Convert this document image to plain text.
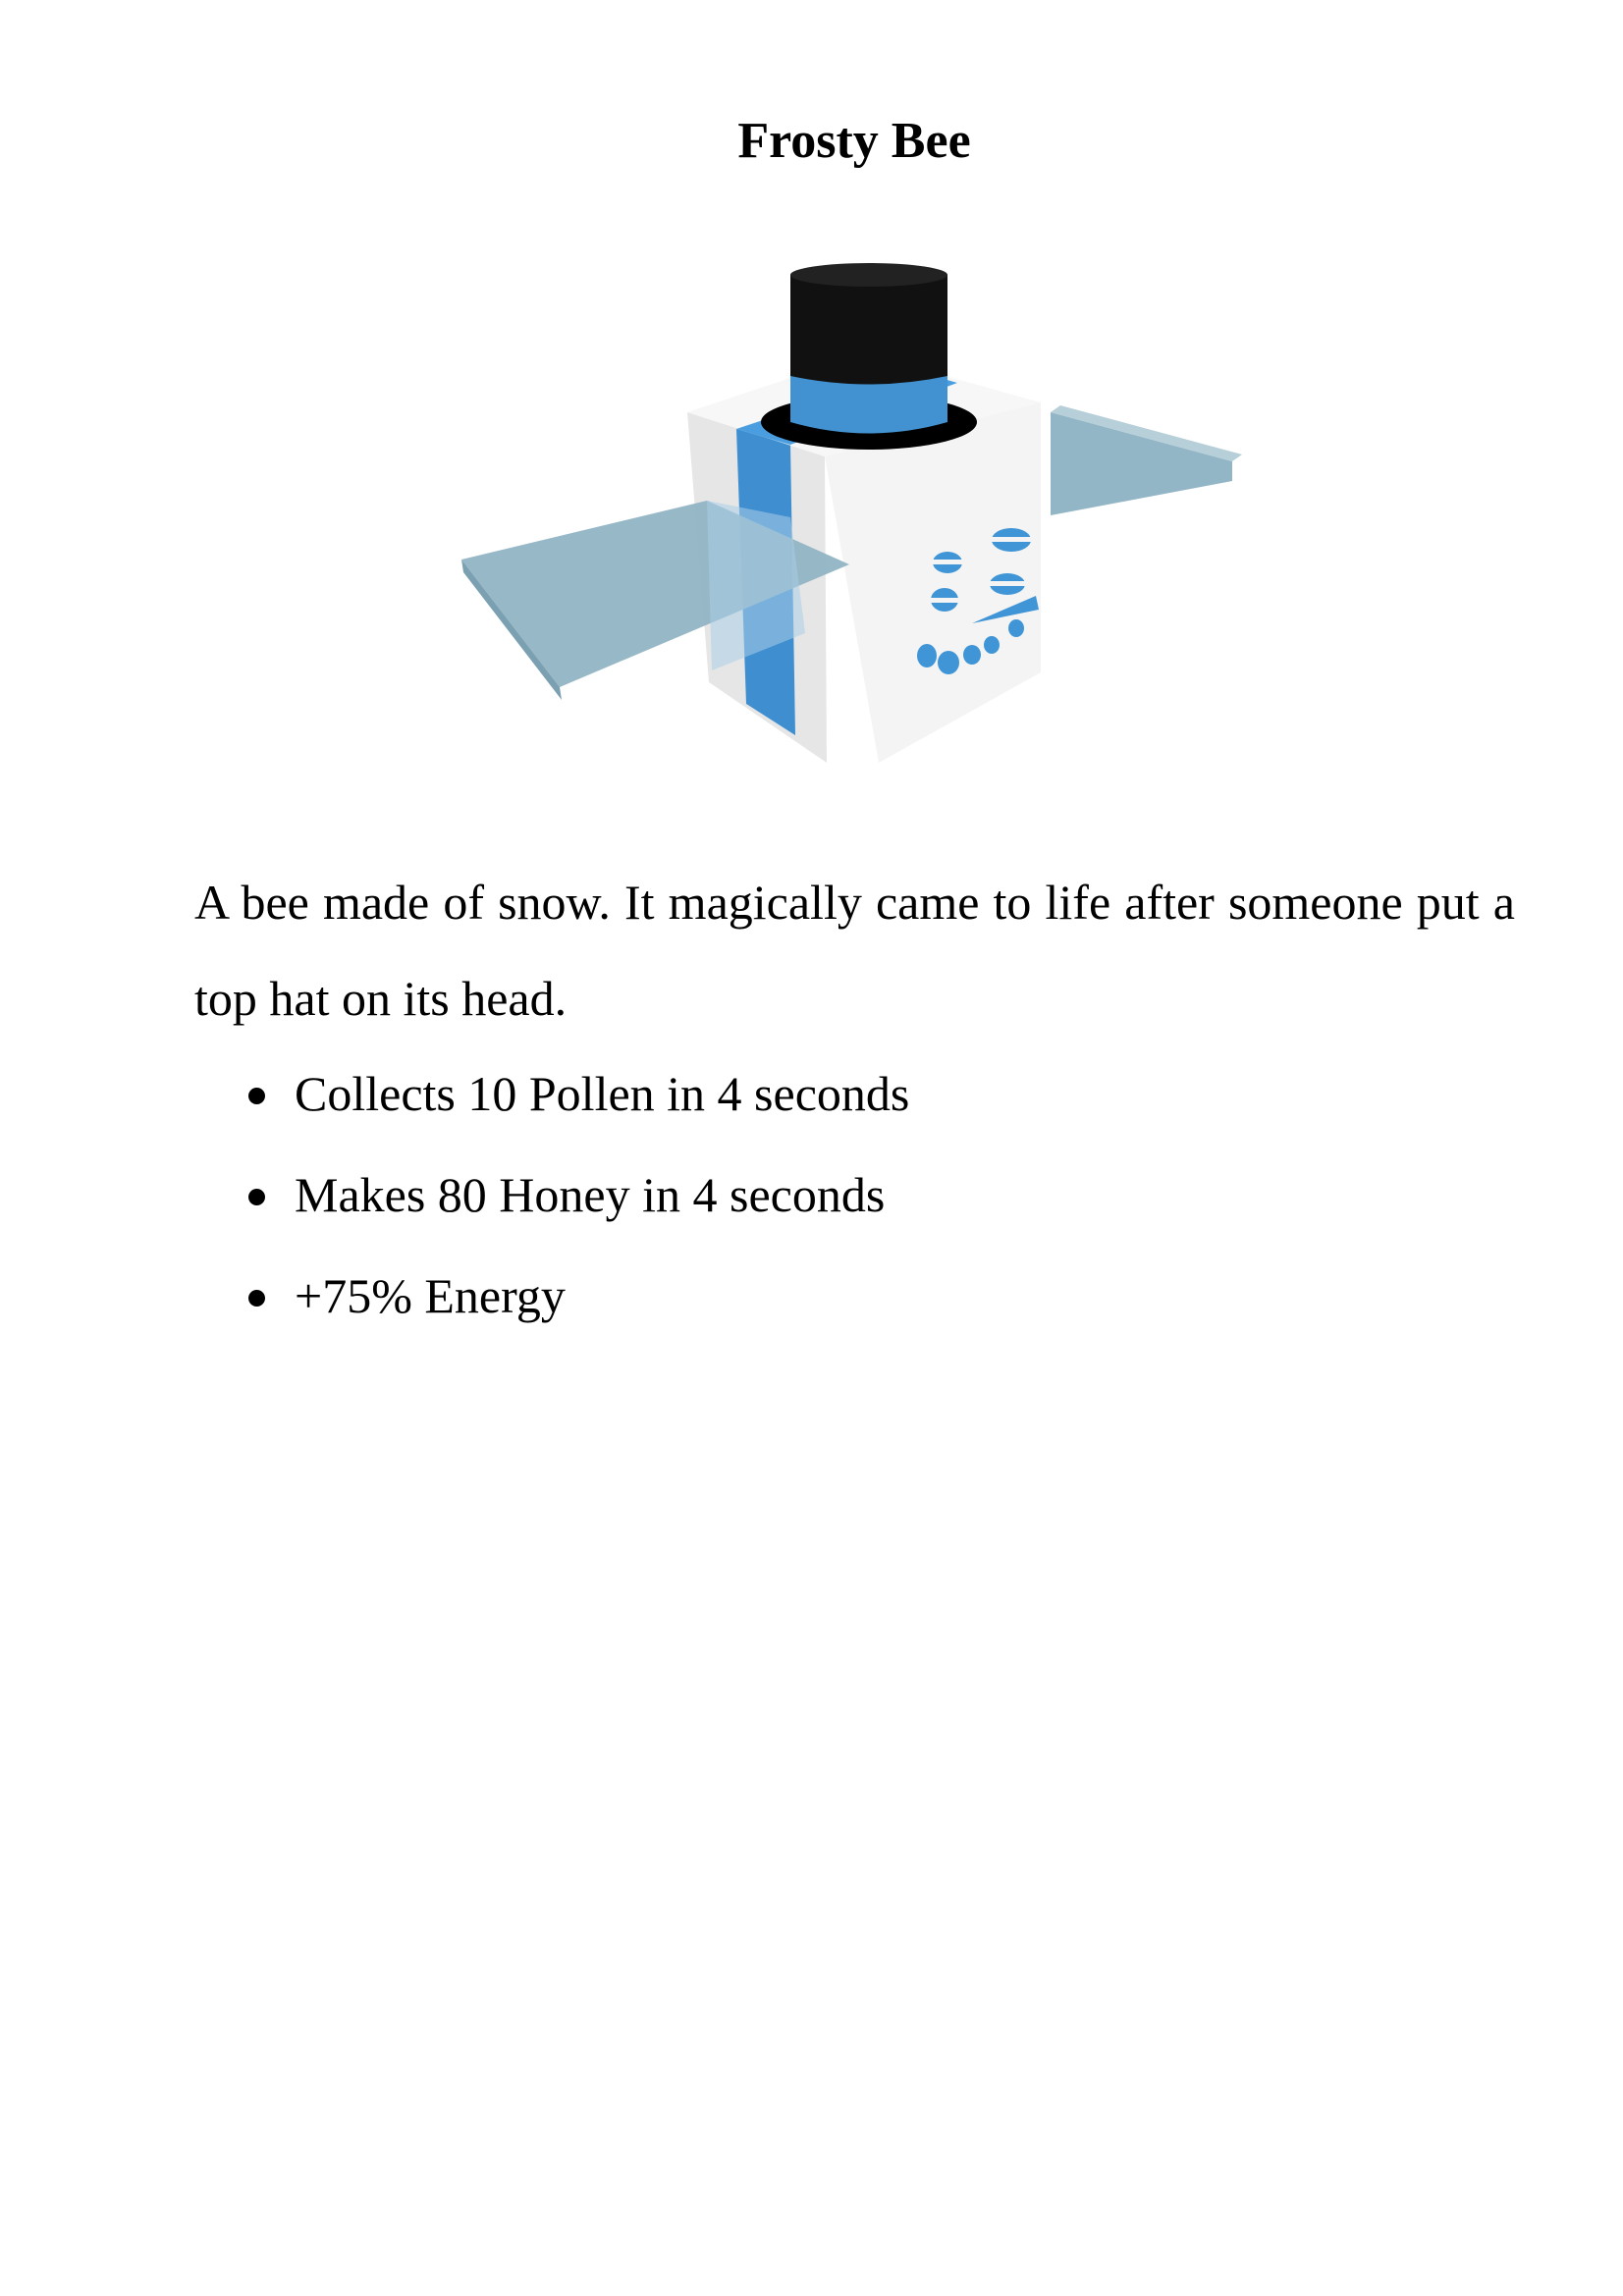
Frosty Bee

A bee made of snow. It magically came to life after someone put a top hat on its head.

Collects 10 Pollen in 4 seconds
Makes 80 Honey in 4 seconds
+75% Energy
